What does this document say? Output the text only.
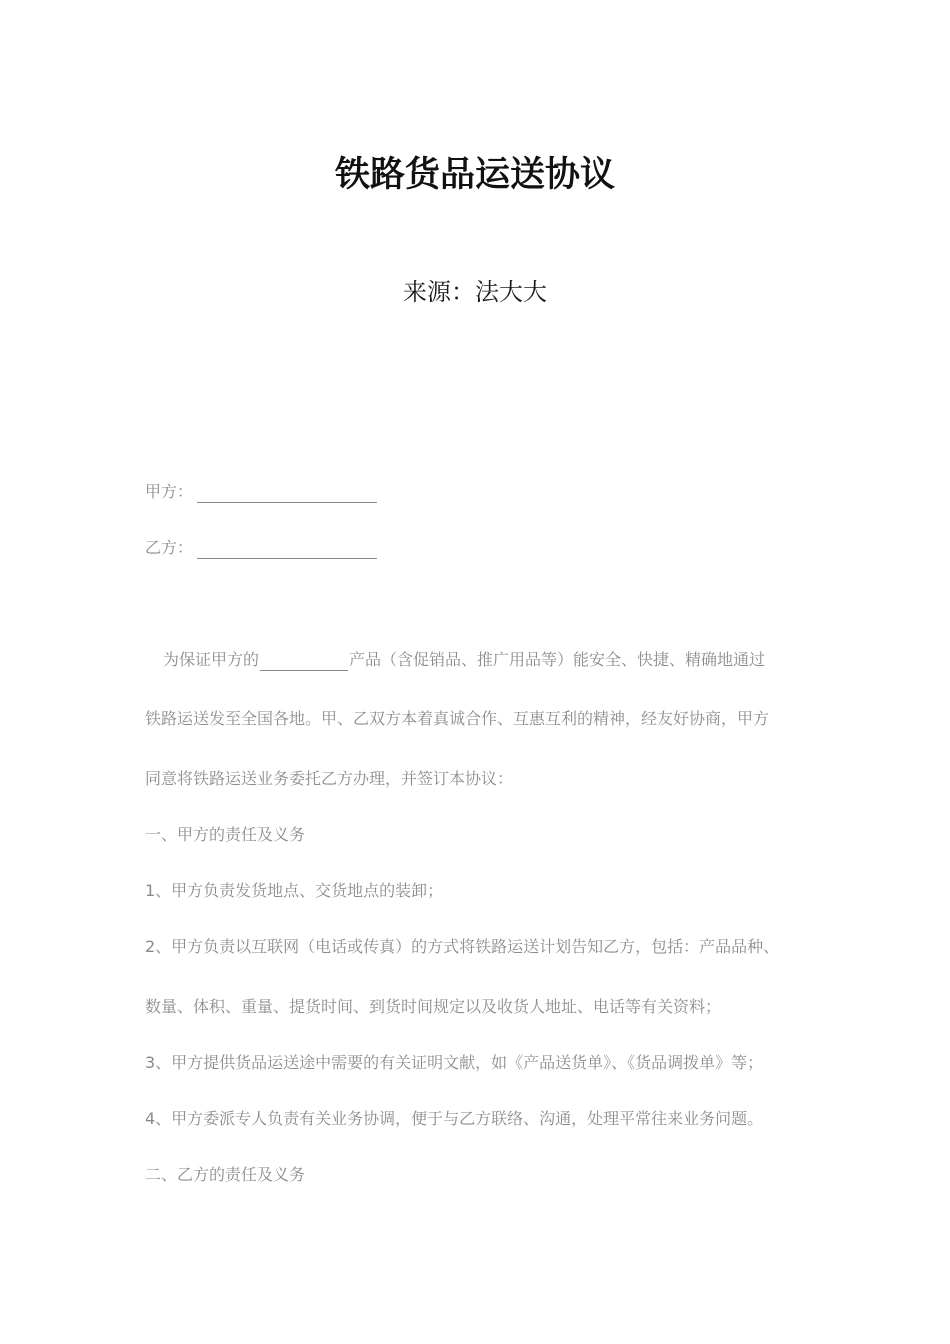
铁路货品运送协议
来源：法大大
甲方：
乙方：
为保证甲方的	产品（含促销品、推广用品等）能安全、快捷、精确地通过
铁路运送发至全国各地。甲、乙双方本着真诚合作、互惠互利的精神，经友好协商，甲方
同意将铁路运送业务委托乙方办理，并签订本协议：
一、甲方的责任及义务
1、甲方负责发货地点、交货地点的装卸；
2、甲方负责以互联网（电话或传真）的方式将铁路运送计划告知乙方，包括：产品品种、
数量、体积、重量、提货时间、到货时间规定以及收货人地址、电话等有关资料；
3、甲方提供货品运送途中需要的有关证明文献，如《产品送货单》、《货品调拨单》等；
4、甲方委派专人负责有关业务协调，便于与乙方联络、沟通，处理平常往来业务问题。
二、乙方的责任及义务
